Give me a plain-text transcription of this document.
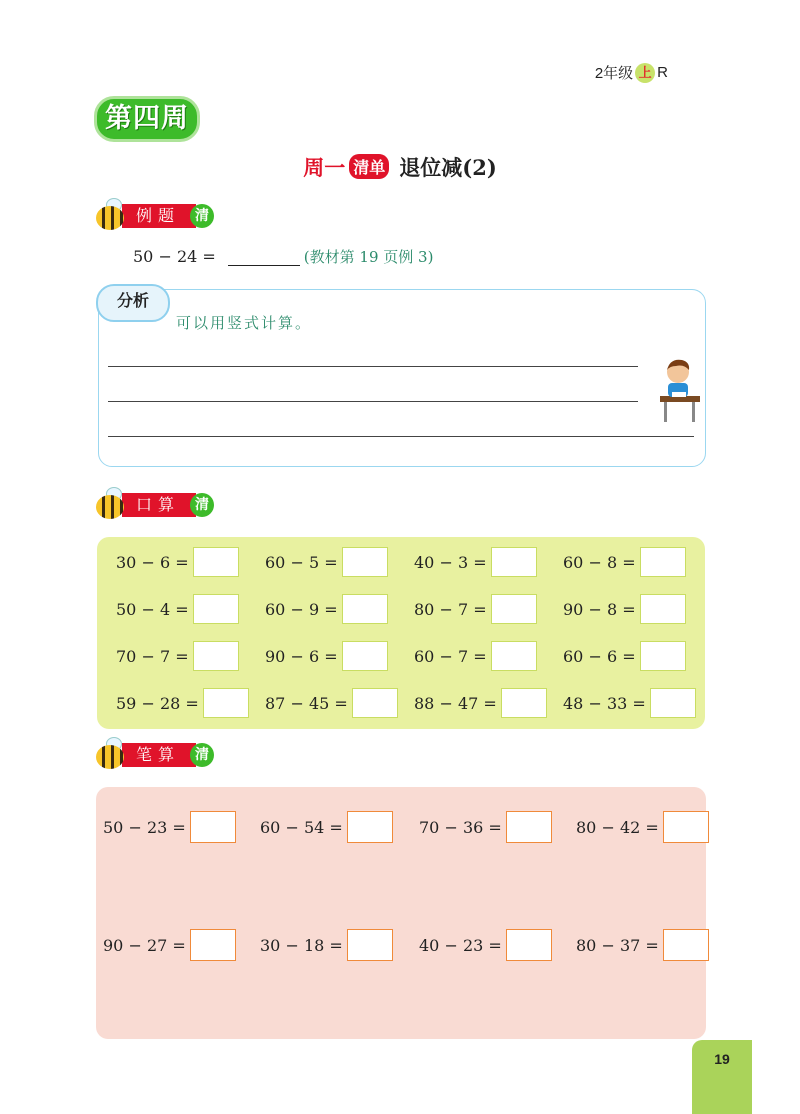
2年级 上 R
第四周
周一 清单 退位减(2)
例题	清
50 − 24 =	(教材第 19 页例 3)
分析
可以用竖式计算。
口算	清
30 − 6 =	60 − 5 =	40 − 3 =	60 − 8 =
50 − 4 =	60 − 9 =	80 − 7 =	90 − 8 =
70 − 7 =	90 − 6 =	60 − 7 =	60 − 6 =
59 − 28 =	87 − 45 =	88 − 47 =	48 − 33 =
笔算	清
50 − 23 =	60 − 54 =	70 − 36 =	80 − 42 =
90 − 27 =	30 − 18 =	40 − 23 =	80 − 37 =
19
